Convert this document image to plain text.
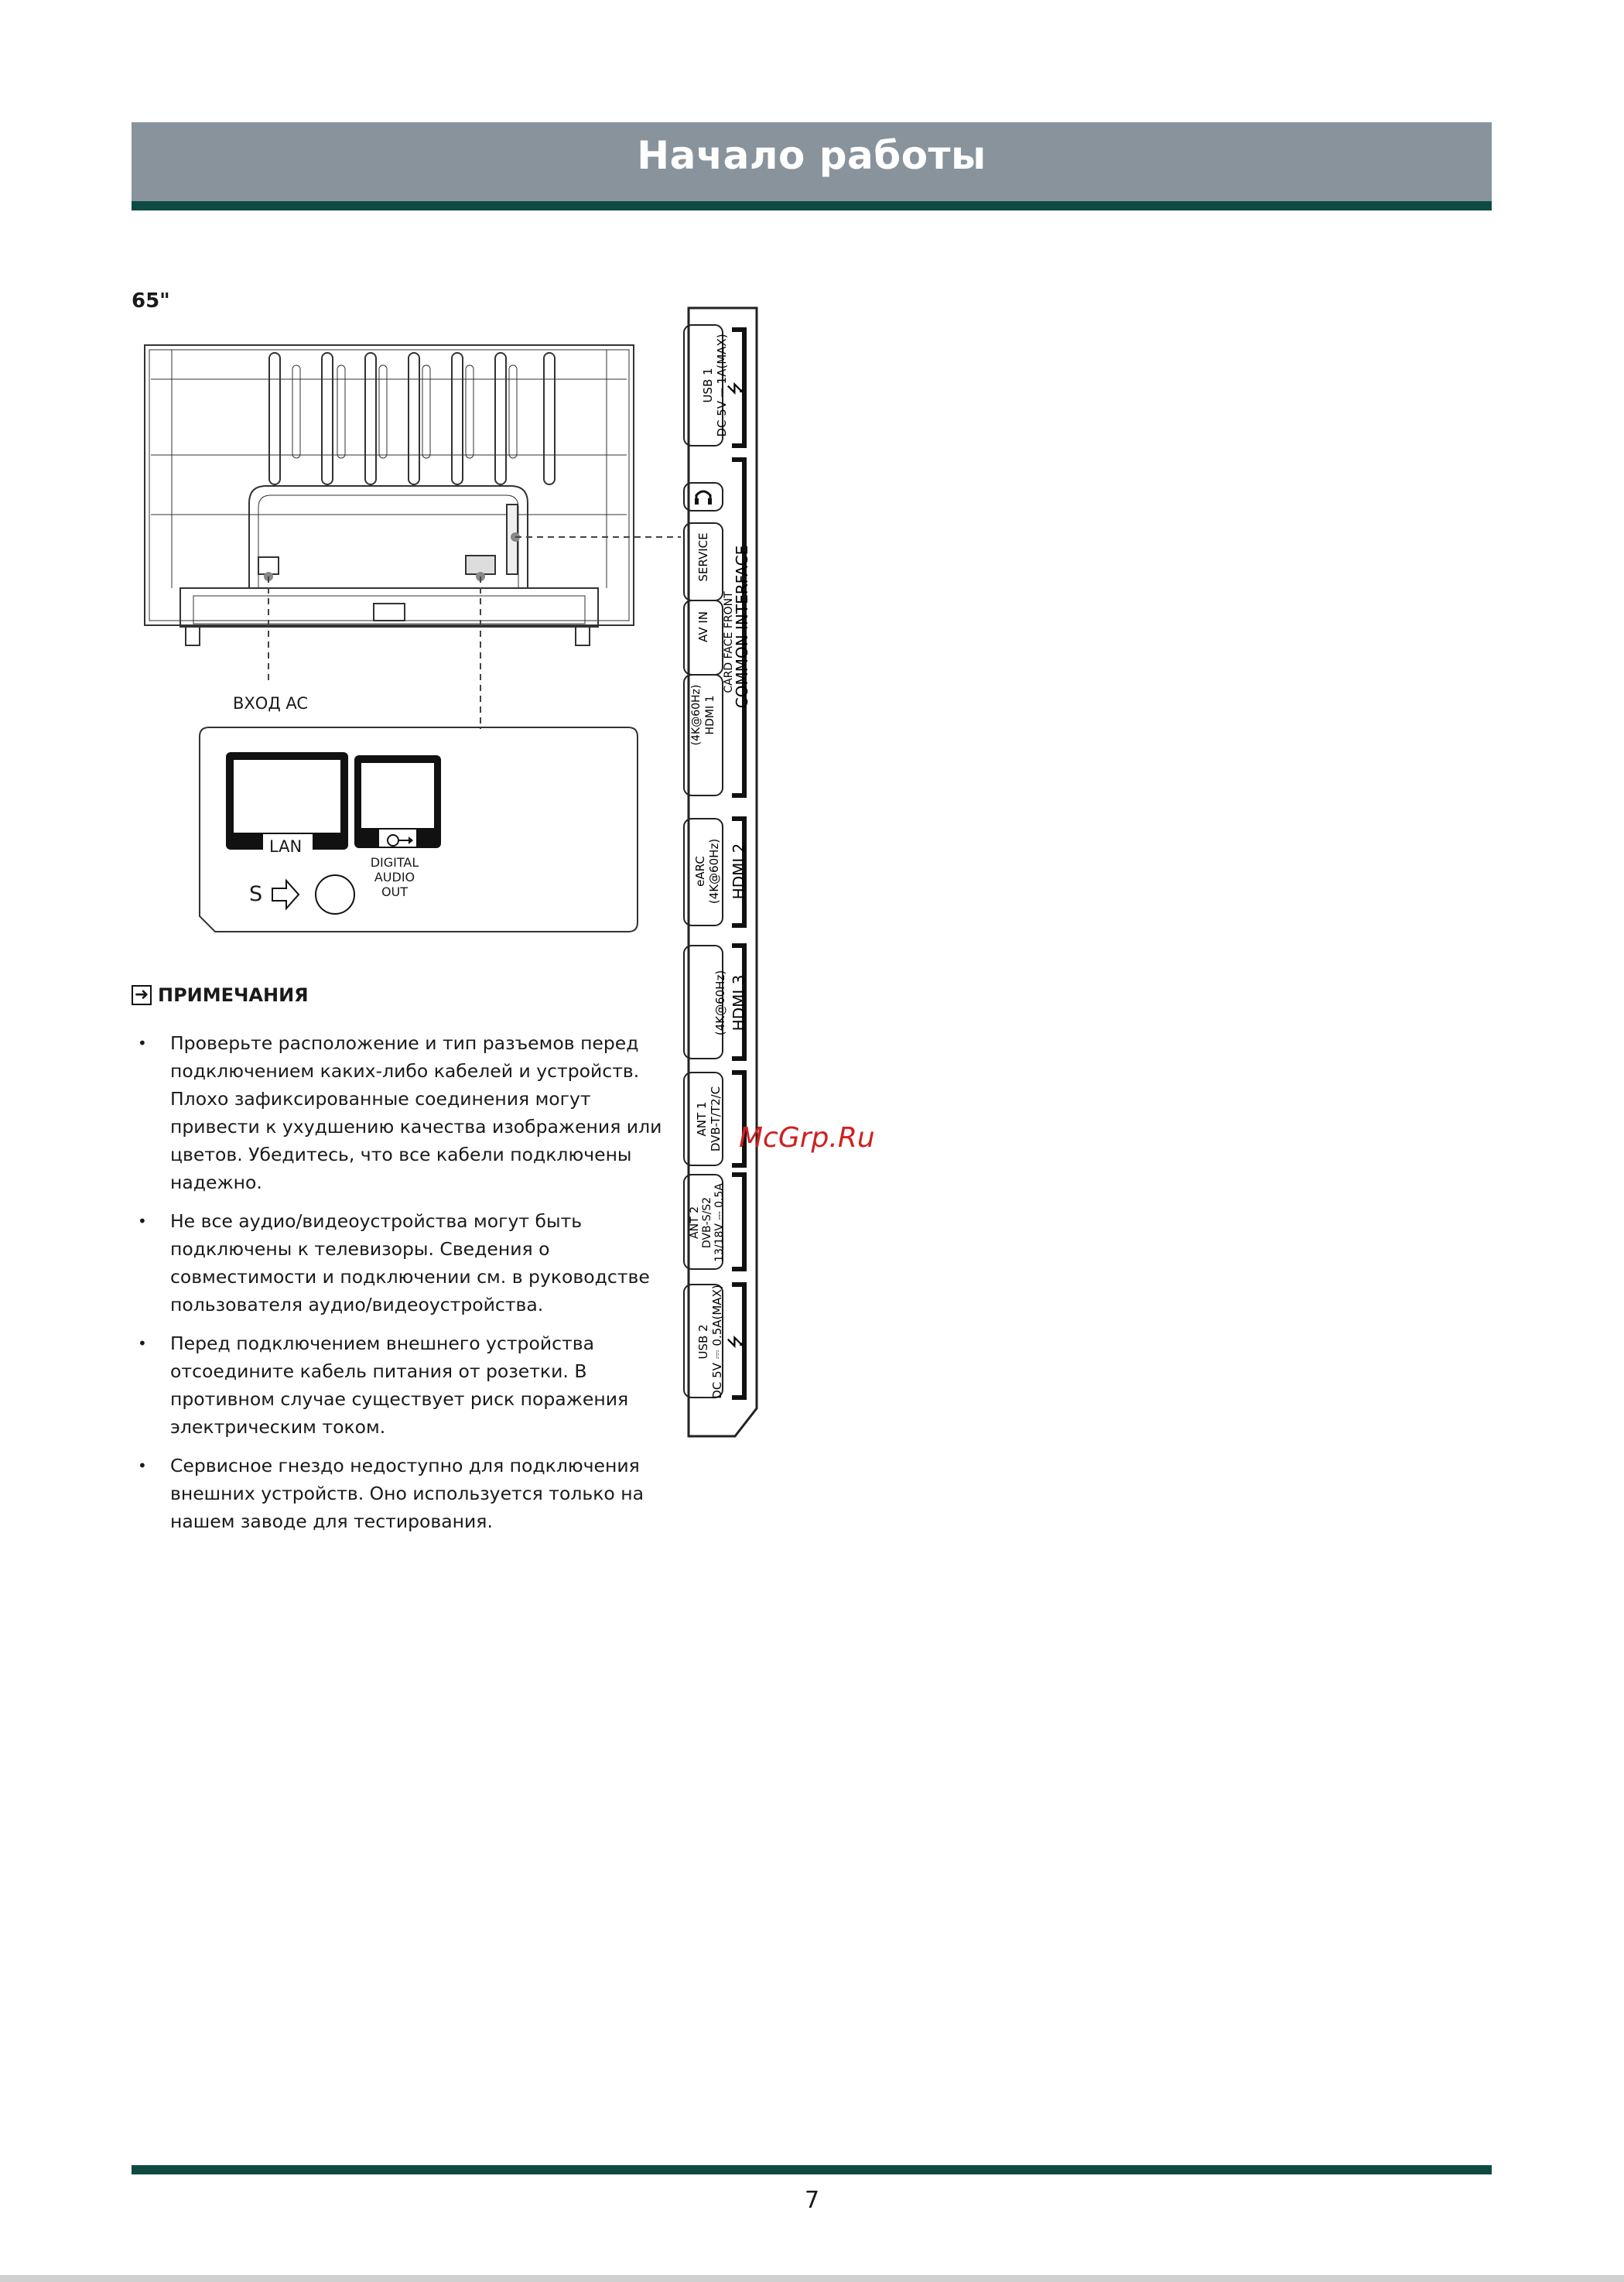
Начало работы
65"
ВХОД AC
LAN
DIGITAL
AUDIO OUT
S
⭍
⭍
USB 1 DC 5V ⎓ 1A(MAX)
SERVICE
AV IN
(4K@60Hz) HDMI 1
CARD FACE FRONT
COMMON INTERFACE
eARC (4K@60Hz) HDMI 2
(4K@60Hz) HDMI 3
ANT 1 DVB-T/T2/C
ANT 2 DVB-S/S2 13/18V ⎓ 0.5A
USB 2 DC 5V ⎓ 0.5A(MAX)
➜ ПРИМЕЧАНИЯ
• Проверьте расположение и тип разъемов перед подключением каких-либо кабелей и устройств. Плохо зафиксированные соединения могут привести к ухудшению качества изображения или цветов. Убедитесь, что все кабели подключены надежно.
• Не все аудио/видеоустройства могут быть подключены к телевизоры. Сведения о совместимости и подключении см. в руководстве пользователя аудио/видеоустройства.
• Перед подключением внешнего устройства отсоедините кабель питания от розетки. В противном случае существует риск поражения электрическим током.
• Сервисное гнездо недоступно для подключения внешних устройств. Оно используется только на нашем заводе для тестирования.
McGrp.Ru
7
